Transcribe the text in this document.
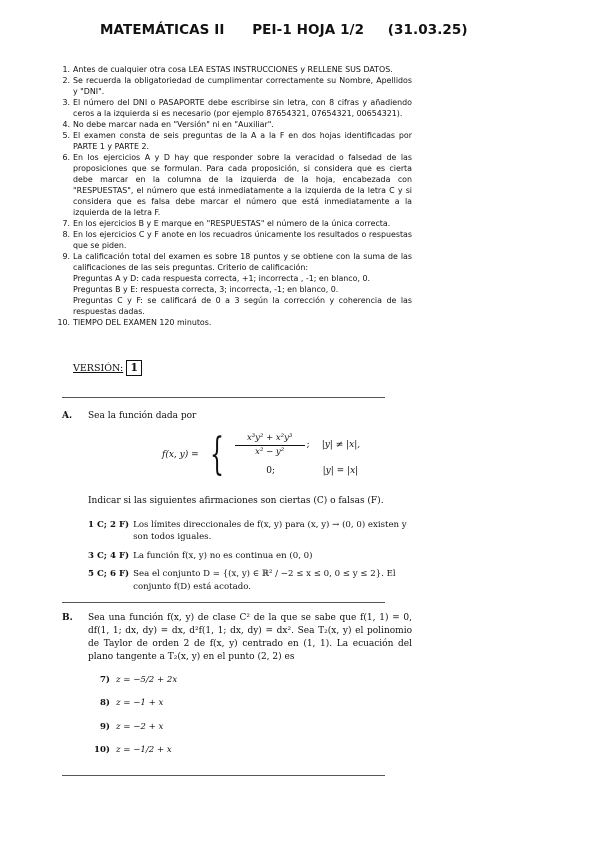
MATEMÁTICAS II PEI-1 HOJA 1/2 (31.03.25)
1. Antes de cualquier otra cosa LEA ESTAS INSTRUCCIONES y RELLENE SUS DATOS.
2. Se recuerda la obligatoriedad de cumplimentar correctamente su Nombre, Apellidos y "DNI".
3. El número del DNI o PASAPORTE debe escribirse sin letra, con 8 cifras y añadiendo ceros a la izquierda si es necesario (por ejemplo 87654321, 07654321, 00654321).
4. No debe marcar nada en "Versión" ni en "Auxiliar".
5. El examen consta de seis preguntas de la A a la F en dos hojas identificadas por PARTE 1 y PARTE 2.
6. En los ejercicios A y D hay que responder sobre la veracidad o falsedad de las proposiciones que se formulan. Para cada proposición, si considera que es cierta debe marcar en la columna de la izquierda de la hoja, encabezada con "RESPUESTAS", el número que está inmediatamente a la izquierda de la letra C y si considera que es falsa debe marcar el número que está inmediatamente a la izquierda de la letra F.
7. En los ejercicios B y E marque en "RESPUESTAS" el número de la única correcta.
8. En los ejercicios C y F anote en los recuadros únicamente los resultados o respuestas que se piden.
9. La calificación total del examen es sobre 18 puntos y se obtiene con la suma de las calificaciones de las seis preguntas. Criterio de calificación:
Preguntas A y D: cada respuesta correcta, +1; incorrecta , -1; en blanco, 0.
Preguntas B y E: respuesta correcta, 3; incorrecta, -1; en blanco, 0.
Preguntas C y F: se calificará de 0 a 3 según la corrección y coherencia de las respuestas dadas.
10. TIEMPO DEL EXAMEN 120 minutos.
VERSIÓN: 1
A. Sea la función dada por
f(x, y) = { $\frac{\text{x³y² + x²y³}}{\text{x² − y²}}$ ; |y| ≠ |x|,
0;	|y| = |x|
Indicar si las siguientes afirmaciones son ciertas (C) o falsas (F).
1 C; 2 F) Los límites direccionales de f(x, y) para (x, y) → (0, 0) existen y son todos iguales.
3 C; 4 F) La función f(x, y) no es continua en (0, 0)
5 C; 6 F) Sea el conjunto D = {(x, y) ∈ ℝ² / −2 ≤ x ≤ 0, 0 ≤ y ≤ 2}. El conjunto f(D) está acotado.
B.	Sea una función f(x, y) de clase C² de la que se sabe que f(1, 1) = 0, df(1, 1; dx, dy) = dx, d²f(1, 1; dx, dy) = dx². Sea T₂(x, y) el polinomio de Taylor de orden 2 de f(x, y) centrado en (1, 1). La ecuación del plano tangente a T₂(x, y) en el punto (2, 2) es
7) z = −5/2 + 2x
8) z = −1 + x
9) z = −2 + x
10) z = −1/2 + x
